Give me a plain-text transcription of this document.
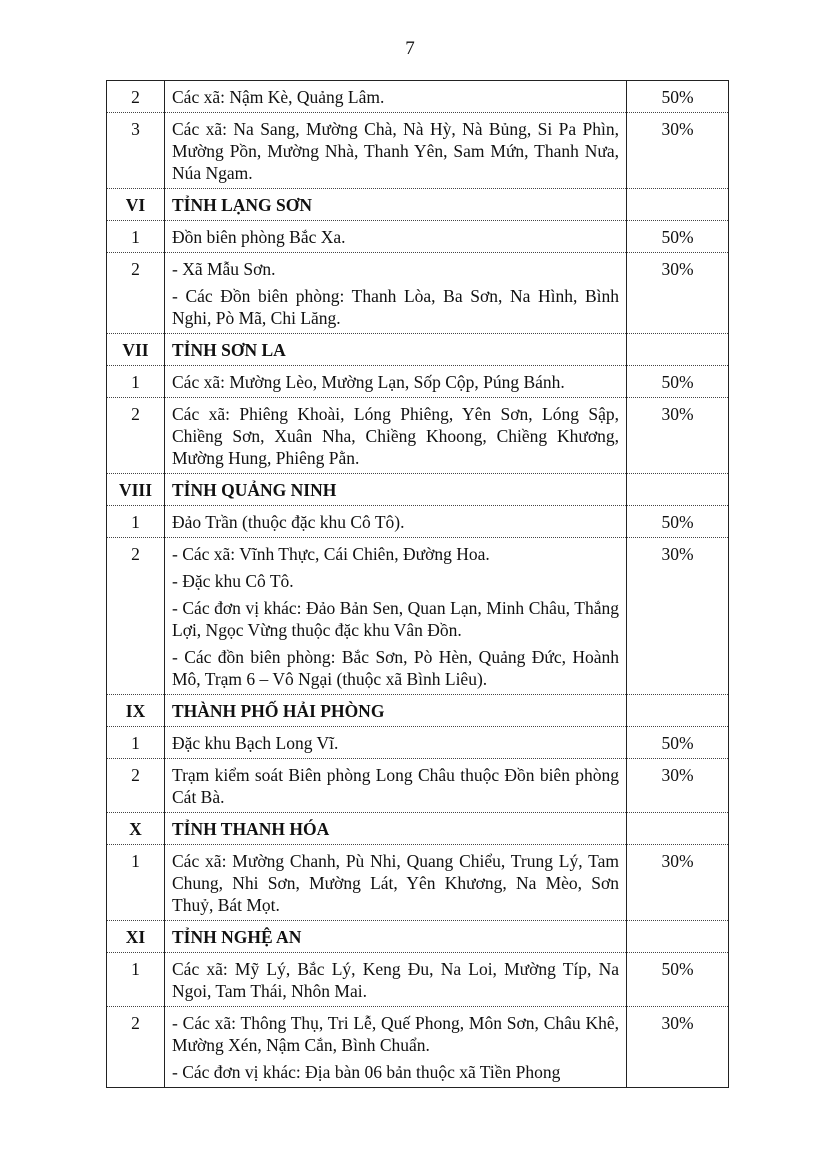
7
2	Các xã: Nậm Kè, Quảng Lâm.	50%
3	Các xã: Na Sang, Mường Chà, Nà Hỳ, Nà Bủng, Si Pa Phìn, Mường Pồn, Mường Nhà, Thanh Yên, Sam Mứn, Thanh Nưa, Núa Ngam.	30%
VI	TỈNH LẠNG SƠN	
1	Đồn biên phòng Bắc Xa.	50%
2	- Xã Mẫu Sơn.
- Các Đồn biên phòng: Thanh Lòa, Ba Sơn, Na Hình, Bình Nghi, Pò Mã, Chi Lăng.	30%
VII	TỈNH SƠN LA	
1	Các xã: Mường Lèo, Mường Lạn, Sốp Cộp, Púng Bánh.	50%
2	Các xã: Phiêng Khoài, Lóng Phiêng, Yên Sơn, Lóng Sập, Chiềng Sơn, Xuân Nha, Chiềng Khoong, Chiềng Khương, Mường Hung, Phiêng Pằn.	30%
VIII	TỈNH QUẢNG NINH	
1	Đảo Trần (thuộc đặc khu Cô Tô).	50%
2	- Các xã: Vĩnh Thực, Cái Chiên, Đường Hoa.
- Đặc khu Cô Tô.
- Các đơn vị khác: Đảo Bản Sen, Quan Lạn, Minh Châu, Thắng Lợi, Ngọc Vừng thuộc đặc khu Vân Đồn.
- Các đồn biên phòng: Bắc Sơn, Pò Hèn, Quảng Đức, Hoành Mô, Trạm 6 – Vô Ngại (thuộc xã Bình Liêu).	30%
IX	THÀNH PHỐ HẢI PHÒNG	
1	Đặc khu Bạch Long Vĩ.	50%
2	Trạm kiểm soát Biên phòng Long Châu thuộc Đồn biên phòng Cát Bà.	30%
X	TỈNH THANH HÓA	
1	Các xã: Mường Chanh, Pù Nhi, Quang Chiểu, Trung Lý, Tam Chung, Nhi Sơn, Mường Lát, Yên Khương, Na Mèo, Sơn Thuỷ, Bát Mọt.	30%
XI	TỈNH NGHỆ AN	
1	Các xã: Mỹ Lý, Bắc Lý, Keng Đu, Na Loi, Mường Típ, Na Ngoi, Tam Thái, Nhôn Mai.	50%
2	- Các xã: Thông Thụ, Tri Lễ, Quế Phong, Môn Sơn, Châu Khê, Mường Xén, Nậm Cắn, Bình Chuẩn.
- Các đơn vị khác: Địa bàn 06 bản thuộc xã Tiền Phong	30%
